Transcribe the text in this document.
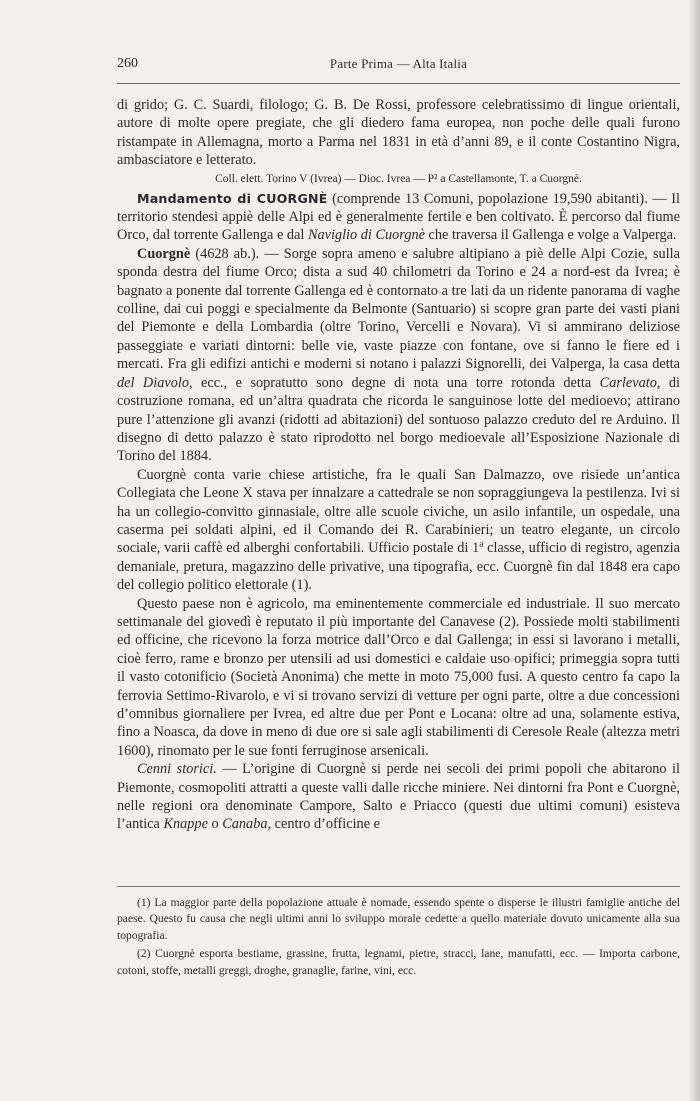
260	Parte Prima — Alta Italia

di grido; G. C. Suardi, filologo; G. B. De Rossi, professore celebratissimo di lingue orientali, autore di molte opere pregiate, che gli diedero fama europea, non poche delle quali furono ristampate in Allemagna, morto a Parma nel 1831 in età d’anni 89, e il conte Costantino Nigra, ambasciatore e letterato.

Coll. elett. Torino V (Ivrea) — Dioc. Ivrea — P² a Castellamonte, T. a Cuorgnè.

Mandamento di CUORGNÈ (comprende 13 Comuni, popolazione 19,590 abitanti). — Il territorio stendesi appiè delle Alpi ed è generalmente fertile e ben coltivato. È percorso dal fiume Orco, dal torrente Gallenga e dal Naviglio di Cuorgnè che traversa il Gallenga e volge a Valperga.

Cuorgnè (4628 ab.). — Sorge sopra ameno e salubre altipiano a piè delle Alpi Cozie, sulla sponda destra del fiume Orco; dista a sud 40 chilometri da Torino e 24 a nord-est da Ivrea; è bagnato a ponente dal torrente Gallenga ed è contornato a tre lati da un ridente panorama di vaghe colline, dai cui poggi e specialmente da Belmonte (Santuario) si scopre gran parte dei vasti piani del Piemonte e della Lombardia (oltre Torino, Vercelli e Novara). Vi si ammirano deliziose passeggiate e variati dintorni: belle vie, vaste piazze con fontane, ove si fanno le fiere ed i mercati. Fra gli edifizi antichi e moderni si notano i palazzi Signorelli, dei Valperga, la casa detta del Diavolo, ecc., e sopratutto sono degne di nota una torre rotonda detta Carlevato, di costruzione romana, ed un’altra quadrata che ricorda le sanguinose lotte del medioevo; attirano pure l’attenzione gli avanzi (ridotti ad abitazioni) del sontuoso palazzo creduto del re Arduino. Il disegno di detto palazzo è stato riprodotto nel borgo medioevale all’Esposizione Nazionale di Torino del 1884.

Cuorgnè conta varie chiese artistiche, fra le quali San Dalmazzo, ove risiede un’antica Collegiata che Leone X stava per innalzare a cattedrale se non sopraggiungeva la pestilenza. Ivi si ha un collegio-convitto ginnasiale, oltre alle scuole civiche, un asilo infantile, un ospedale, una caserma pei soldati alpini, ed il Comando dei R. Carabinieri; un teatro elegante, un circolo sociale, varii caffè ed alberghi confortabili. Ufficio postale di 1ª classe, ufficio di registro, agenzia demaniale, pretura, magazzino delle privative, una tipografia, ecc. Cuorgnè fin dal 1848 era capo del collegio politico elettorale (1).

Questo paese non è agricolo, ma eminentemente commerciale ed industriale. Il suo mercato settimanale del giovedì è reputato il più importante del Canavese (2). Possiede molti stabilimenti ed officine, che ricevono la forza motrice dall’Orco e dal Gallenga; in essi si lavorano i metalli, cioè ferro, rame e bronzo per utensili ad usi domestici e caldaie uso opifici; primeggia sopra tutti il vasto cotonificio (Società Anonima) che mette in moto 75,000 fusi. A questo centro fa capo la ferrovia Settimo-Rivarolo, e vi si trovano servizi di vetture per ogni parte, oltre a due concessioni d’omnibus giornaliere per Ivrea, ed altre due per Pont e Locana: oltre ad una, solamente estiva, fino a Noasca, da dove in meno di due ore si sale agli stabilimenti di Ceresole Reale (altezza metri 1600), rinomato per le sue fonti ferruginose arsenicali.

Cenni storici. — L’origine di Cuorgnè si perde nei secoli dei primi popoli che abitarono il Piemonte, cosmopoliti attratti a queste valli dalle ricche miniere. Nei dintorni fra Pont e Cuorgnè, nelle regioni ora denominate Campore, Salto e Priacco (questi due ultimi comuni) esisteva l’antica Knappe o Canaba, centro d’officine e

(1) La maggior parte della popolazione attuale è nomade, essendo spente o disperse le illustri famiglie antiche del paese. Questo fu causa che negli ultimi anni lo sviluppo morale cedette a quello materiale dovuto unicamente alla sua topografia.

(2) Cuorgnè esporta bestiame, grassine, frutta, legnami, pietre, stracci, lane, manufatti, ecc. — Importa carbone, cotoni, stoffe, metalli greggi, droghe, granaglie, farine, vini, ecc.
